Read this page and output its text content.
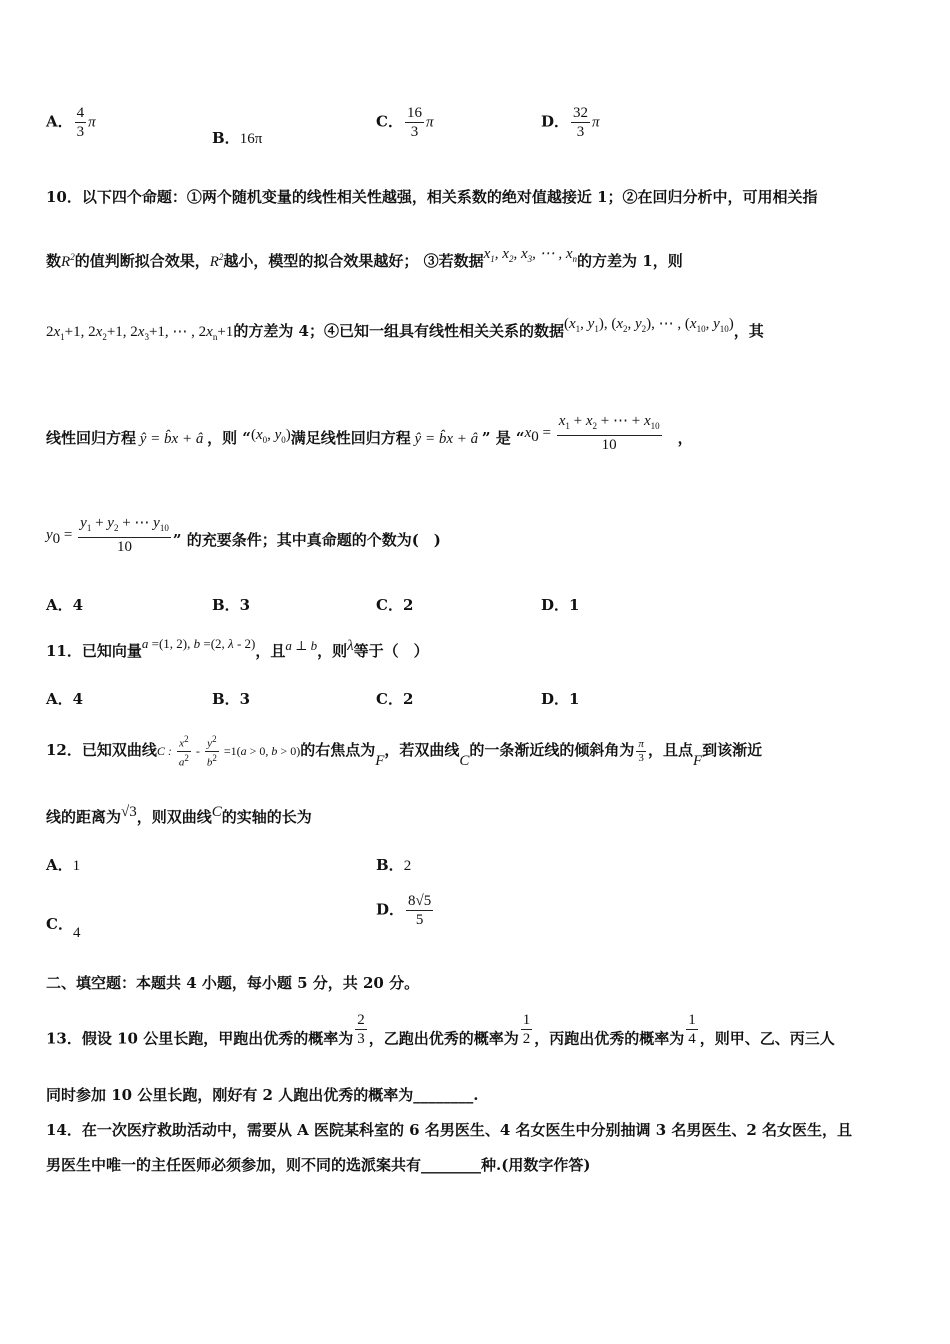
A． $\frac{4}{3}$ π
B．16π
C． $\frac{16}{3}$ π	D． $\frac{32}{3}$ π
10．以下四个命题：①两个随机变量的线性相关性越强，相关系数的绝对值越接近 1；②在回归分析中，可用相关指
数$R^2$的值判断拟合效果，$R^2$越小，模型的拟合效果越好； ③若数据$x_1$, $x_2$, $x_3$, ⋯ , $x_n$的方差为 1，则
$2x_1+1$, $2x_2+1$, $2x_3+1$, ⋯ , $2x_n+1$的方差为 4；④已知一组具有线性相关关系的数据($x_1$, $y_1$), ($x_2$, $y_2$), ⋯ , ($x_{10}$, $y_{10}$)，其
线性回归方程 ŷ = b̂x + â ，则 “($x_0$, $y_0$)满足线性回归方程 ŷ = b̂x + â ” 是 “$x_0 = \frac{x_1 + x_2 + \cdots + x_{10}}{10}$ ，
$y_0 = \frac{y_1 + y_2 + \cdots y_{10}}{10}$ ” 的充要条件；其中真命题的个数为(　)
A．4	B．3	C．2	D．1
11．已知向量a =(1, 2), b =(2, λ - 2)，且a ⊥ b，则λ等于（　）
A．4	B．3	C．2	D．1
12．已知双曲线C : $\frac{x^2}{a^2} - \frac{y^2}{b^2} =1(a > 0$, b > 0)的右焦点为F，若双曲线C的一条渐近线的倾斜角为 $\frac{\pi}{3}$ ，且点F到该渐近
线的距离为√3，则双曲线C的实轴的长为
A．1	B．2
C．4
D． $\frac{8√5}{5}$
二、填空题：本题共 4 小题，每小题 5 分，共 20 分。
13．假设 10 公里长跑，甲跑出优秀的概率为 $\frac{2}{3}$ ，乙跑出优秀的概率为 $\frac{1}{2}$ ，丙跑出优秀的概率为 $\frac{1}{4}$ ，则甲、乙、丙三人
同时参加 10 公里长跑，刚好有 2 人跑出优秀的概率为________.
14．在一次医疗救助活动中，需要从 A 医院某科室的 6 名男医生、4 名女医生中分别抽调 3 名男医生、2 名女医生，且
男医生中唯一的主任医师必须参加，则不同的选派案共有________种.(用数字作答)
